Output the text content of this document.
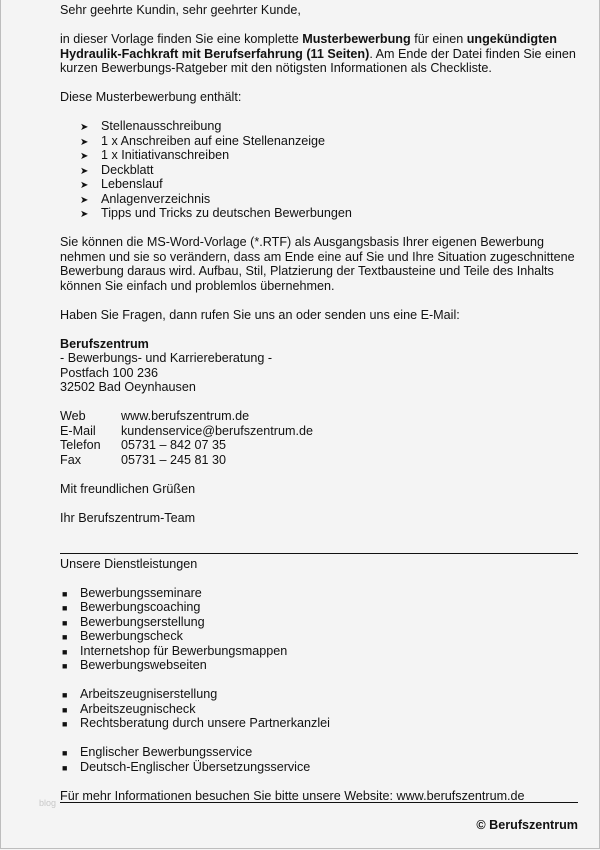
Sehr geehrte Kundin, sehr geehrter Kunde,
in dieser Vorlage finden Sie eine komplette Musterbewerbung für einen ungekündigten
Hydraulik-Fachkraft mit Berufserfahrung (11 Seiten). Am Ende der Datei finden Sie einen
kurzen Bewerbungs-Ratgeber mit den nötigsten Informationen als Checkliste.
Diese Musterbewerbung enthält:
➤ Stellenausschreibung
➤ 1 x Anschreiben auf eine Stellenanzeige
➤ 1 x Initiativanschreiben
➤ Deckblatt
➤ Lebenslauf
➤ Anlagenverzeichnis
➤ Tipps und Tricks zu deutschen Bewerbungen
Sie können die MS-Word-Vorlage (*.RTF) als Ausgangsbasis Ihrer eigenen Bewerbung
nehmen und sie so verändern, dass am Ende eine auf Sie und Ihre Situation zugeschnittene
Bewerbung daraus wird. Aufbau, Stil, Platzierung der Textbausteine und Teile des Inhalts
können Sie einfach und problemlos übernehmen.
Haben Sie Fragen, dann rufen Sie uns an oder senden uns eine E-Mail:
Berufszentrum
- Bewerbungs- und Karriereberatung -
Postfach 100 236
32502 Bad Oeynhausen
Web	www.berufszentrum.de
E-Mail kundenservice@berufszentrum.de
Telefon 05731 – 842 07 35
Fax	05731 – 245 81 30
Mit freundlichen Grüßen
Ihr Berufszentrum-Team
Unsere Dienstleistungen
■ Bewerbungsseminare
■ Bewerbungscoaching
■ Bewerbungserstellung
■ Bewerbungscheck
■ Internetshop für Bewerbungsmappen
■ Bewerbungswebseiten
■ Arbeitszeugniserstellung
■ Arbeitszeugnischeck
■ Rechtsberatung durch unsere Partnerkanzlei
■ Englischer Bewerbungsservice
■ Deutsch-Englischer Übersetzungsservice
Für mehr Informationen besuchen Sie bitte unsere Website: www.berufszentrum.de
blog
© Berufszentrum
